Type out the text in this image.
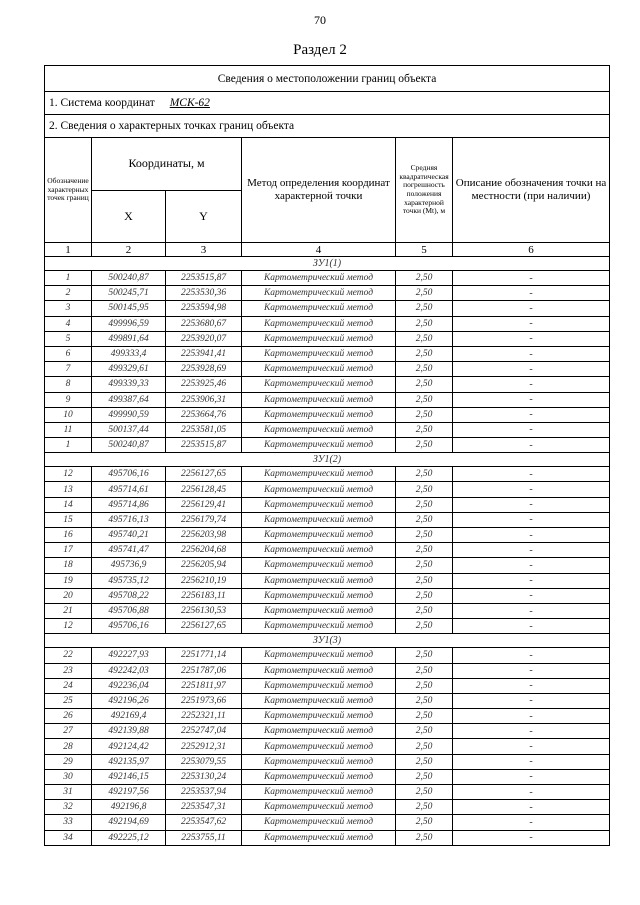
70
Раздел 2
Сведения о местоположении границ объекта					
1. Система координат МСК-62					
2. Сведения о характерных точках границ объекта					
Обозначение характерных точек границ	Координаты, м		Метод определения координат характерной точки	Средняя квадратическая погрешность положения характерной точки (Mt), м	Описание обозначения точки на местности (при наличии)
	X	Y			
1	2	3	4	5	6
ЗУ1(1)					
1	500240,87	2253515,87	Картометрический метод	2,50	-
2	500245,71	2253530,36	Картометрический метод	2,50	-
3	500145,95	2253594,98	Картометрический метод	2,50	-
4	499996,59	2253680,67	Картометрический метод	2,50	-
5	499891,64	2253920,07	Картометрический метод	2,50	-
6	499333,4	2253941,41	Картометрический метод	2,50	-
7	499329,61	2253928,69	Картометрический метод	2,50	-
8	499339,33	2253925,46	Картометрический метод	2,50	-
9	499387,64	2253906,31	Картометрический метод	2,50	-
10	499990,59	2253664,76	Картометрический метод	2,50	-
11	500137,44	2253581,05	Картометрический метод	2,50	-
1	500240,87	2253515,87	Картометрический метод	2,50	-
ЗУ1(2)					
12	495706,16	2256127,65	Картометрический метод	2,50	-
13	495714,61	2256128,45	Картометрический метод	2,50	-
14	495714,86	2256129,41	Картометрический метод	2,50	-
15	495716,13	2256179,74	Картометрический метод	2,50	-
16	495740,21	2256203,98	Картометрический метод	2,50	-
17	495741,47	2256204,68	Картометрический метод	2,50	-
18	495736,9	2256205,94	Картометрический метод	2,50	-
19	495735,12	2256210,19	Картометрический метод	2,50	-
20	495708,22	2256183,11	Картометрический метод	2,50	-
21	495706,88	2256130,53	Картометрический метод	2,50	-
12	495706,16	2256127,65	Картометрический метод	2,50	-
ЗУ1(3)					
22	492227,93	2251771,14	Картометрический метод	2,50	-
23	492242,03	2251787,06	Картометрический метод	2,50	-
24	492236,04	2251811,97	Картометрический метод	2,50	-
25	492196,26	2251973,66	Картометрический метод	2,50	-
26	492169,4	2252321,11	Картометрический метод	2,50	-
27	492139,88	2252747,04	Картометрический метод	2,50	-
28	492124,42	2252912,31	Картометрический метод	2,50	-
29	492135,97	2253079,55	Картометрический метод	2,50	-
30	492146,15	2253130,24	Картометрический метод	2,50	-
31	492197,56	2253537,94	Картометрический метод	2,50	-
32	492196,8	2253547,31	Картометрический метод	2,50	-
33	492194,69	2253547,62	Картометрический метод	2,50	-
34	492225,12	2253755,11	Картометрический метод	2,50	-
